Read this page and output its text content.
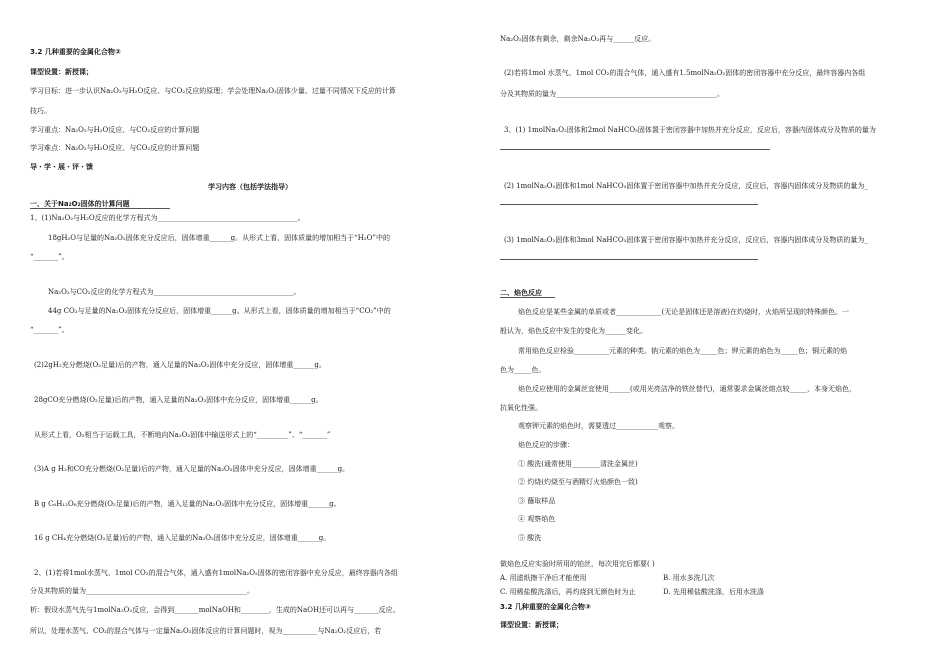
3.2 几种重要的金属化合物②
课型设置：新授课；
学习目标：进一步认识Na₂O₂与H₂O反应、与CO₂反应的原理；学会处理Na₂O₂固体少量、过量不同情况下反应的计算
技巧。
学习重点：Na₂O₂与H₂O反应、与CO₂反应的计算问题
学习难点：Na₂O₂与H₂O反应、与CO₂反应的计算问题
导・学・展・评・馈
学习内容（包括学法指导）
一、关于Na₂O₂固体的计算问题
1、(1)Na₂O₂与H₂O反应的化学方程式为________________________________________。
18gH₂O与足量的Na₂O₂固体充分反应后，固体增重______g。从形式上看，固体质量的增加相当于“H₂O”中的
“_______”。
Na₂O₂与CO₂反应的化学方程式为________________________________________。
44g CO₂与足量的Na₂O₂固体充分反应后，固体增重______g。从形式上看，固体质量的增加相当于“CO₂”中的
“_______”。
(2)2gH₂充分燃烧(O₂足量)后的产物，通入足量的Na₂O₂固体中充分反应，固体增重______g。
28gCO充分燃烧(O₂足量)后的产物，通入足量的Na₂O₂固体中充分反应，固体增重______g。
从形式上看，O₂相当于运载工具，不断地向Na₂O₂固体中输送形式上的“_________”、“_______”
(3)A g H₂和CO充分燃烧(O₂足量)后的产物，通入足量的Na₂O₂固体中充分反应，固体增重______g。
B g C₆H₁₂O₆充分燃烧(O₂足量)后的产物，通入足量的Na₂O₂固体中充分反应，固体增重______g。
16 g CH₄充分燃烧(O₂足量)后的产物，通入足量的Na₂O₂固体中充分反应，固体增重______g。
2、(1)若将1mol水蒸气、1mol CO₂的混合气体，通入盛有1molNa₂O₂固体的密闭容器中充分反应，最终容器内各组
分及其物质的量为______________________________________________。
析：假设水蒸气先与1molNa₂O₂反应，会得到_______molNaOH和________，生成的NaOH还可以再与_______反应。
所以，处理水蒸气、CO₂的混合气体与一定量Na₂O₂固体反应的计算问题时，视为__________与Na₂O₂反应后，若
Na₂O₂固体有剩余，剩余Na₂O₂再与______反应。
(2)若将1mol 水蒸气、1mol CO₂的混合气体，通入盛有1.5molNa₂O₂固体的密闭容器中充分反应，最终容器内各组
分及其物质的量为______________________________________________。
3、(1) 1molNa₂O₂固体和2mol NaHCO₃固体置于密闭容器中加热并充分反应，反应后，容器内固体成分及物质的量为
(2) 1molNa₂O₂固体和1mol NaHCO₃固体置于密闭容器中加热并充分反应，反应后，容器内固体成分及物质的量为_
(3) 1molNa₂O₂固体和3mol NaHCO₃固体置于密闭容器中加热并充分反应，反应后，容器内固体成分及物质的量为_
二、焰色反应
焰色反应是某些金属的单质或者_____________(无论是固体还是溶液)在灼烧时，火焰所呈现的特殊颜色。一
般认为，焰色反应中发生的变化为______变化。
常用焰色反应检验__________元素的种类。钠元素的焰色为_____色；钾元素的焰色为_____色；铜元素的焰
色为_____色。
焰色反应使用的金属丝宜使用______(或用光亮洁净的铁丝替代)，通常要求金属丝熔点较_____，本身无焰色，
抗氧化性强。
观察钾元素的焰色时，需要透过____________观察。
焰色反应的步骤：
① 酸洗(通常使用________清洗金属丝)
② 灼烧(灼烧至与酒精灯火焰颜色一致)
③ 蘸取样品
④ 观察焰色
⑤ 酸洗
做焰色反应实验时所用的铂丝，每次用完后都要( )
A. 用滤纸擦干净后才能使用	B. 用水多洗几次
C. 用稀盐酸洗涤后，再灼烧到无颜色时为止	D. 先用稀盐酸洗涤，后用水洗涤
3.2 几种重要的金属化合物③
课型设置：新授课；
